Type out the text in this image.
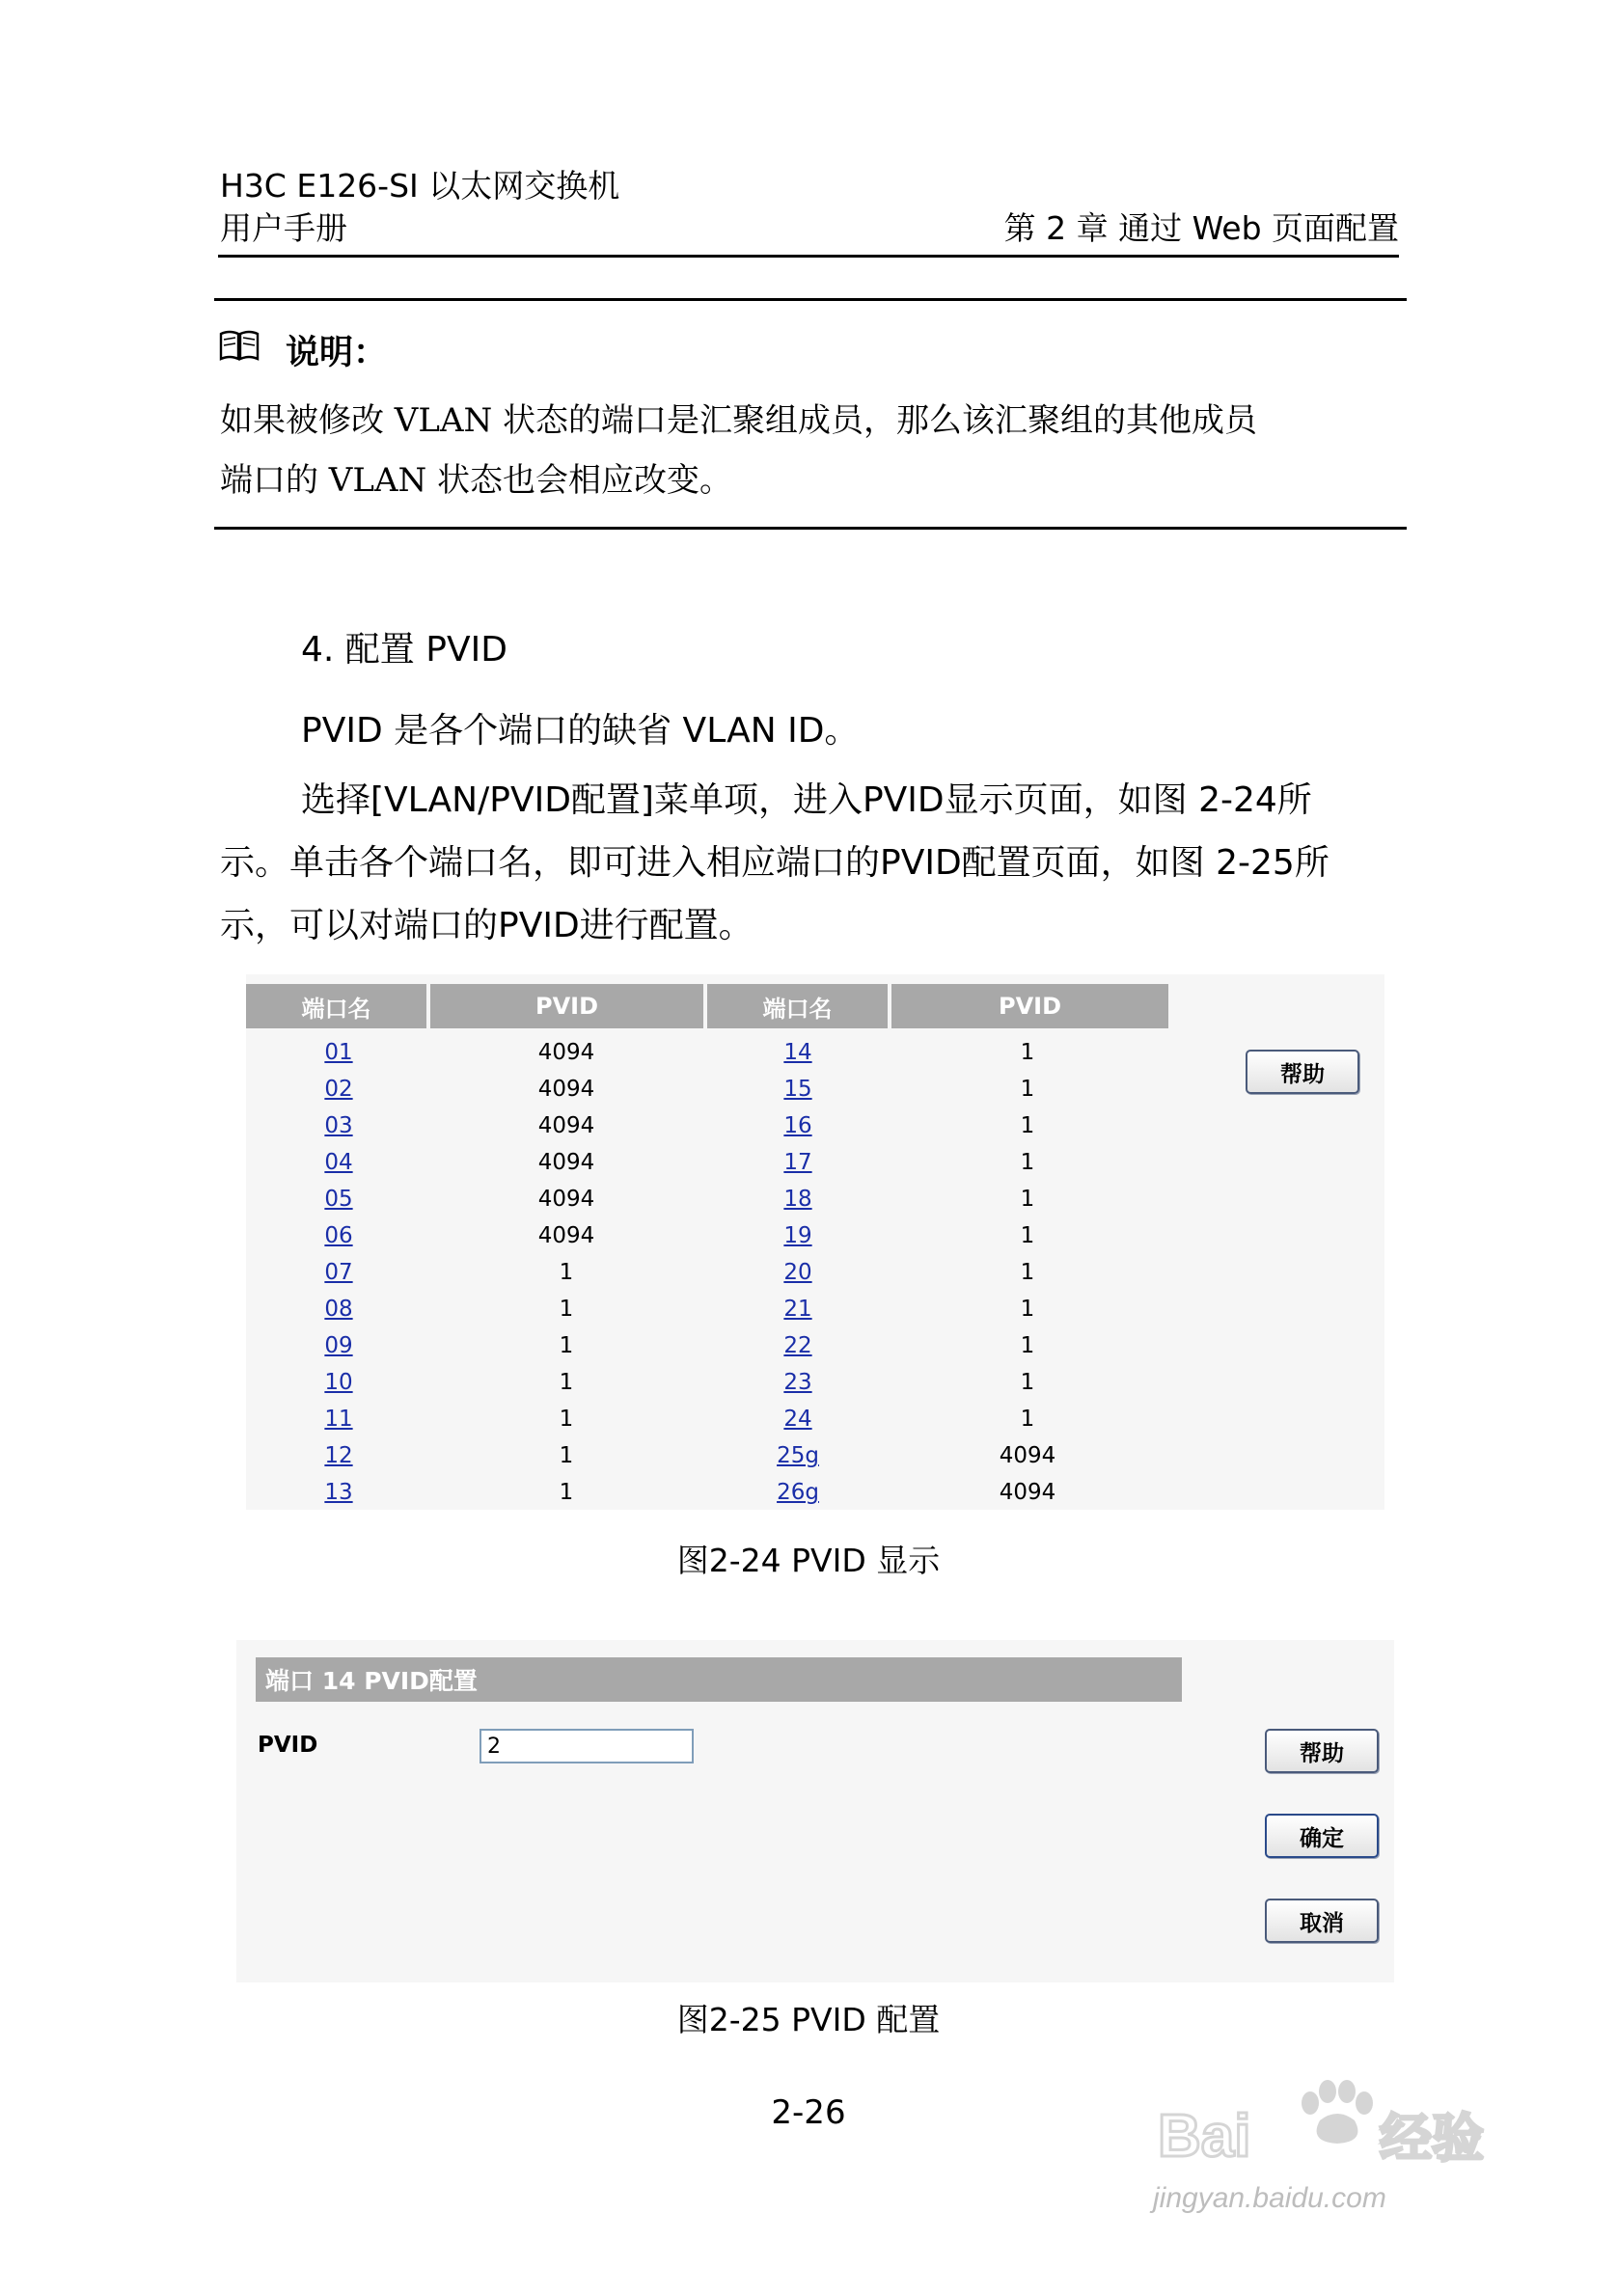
H3C E126-SI 以太网交换机
用户手册	第 2 章 通过 Web 页面配置
说明：
如果被修改 VLAN 状态的端口是汇聚组成员，那么该汇聚组的其他成员
端口的 VLAN 状态也会相应改变。
4. 配置 PVID
PVID 是各个端口的缺省 VLAN ID。
选择[VLAN/PVID配置]菜单项，进入PVID显示页面，如图 2-24所
示。单击各个端口名，即可进入相应端口的PVID配置页面，如图 2-25所
示，可以对端口的PVID进行配置。
端口名	PVID	端口名	PVID
01	4094	14	1
02	4094	15	1
03	4094	16	1
04	4094	17	1
05	4094	18	1
06	4094	19	1
07	1	20	1
08	1	21	1
09	1	22	1
10	1	23	1
11	1	24	1
12	1	25g	4094
13	1	26g	4094
帮助
图2-24 PVID 显示
端口 14 PVID配置
PVID
2	帮助
确定
取消
图2-25 PVID 配置
2-26	Bai 经验
jingyan.baidu.com
